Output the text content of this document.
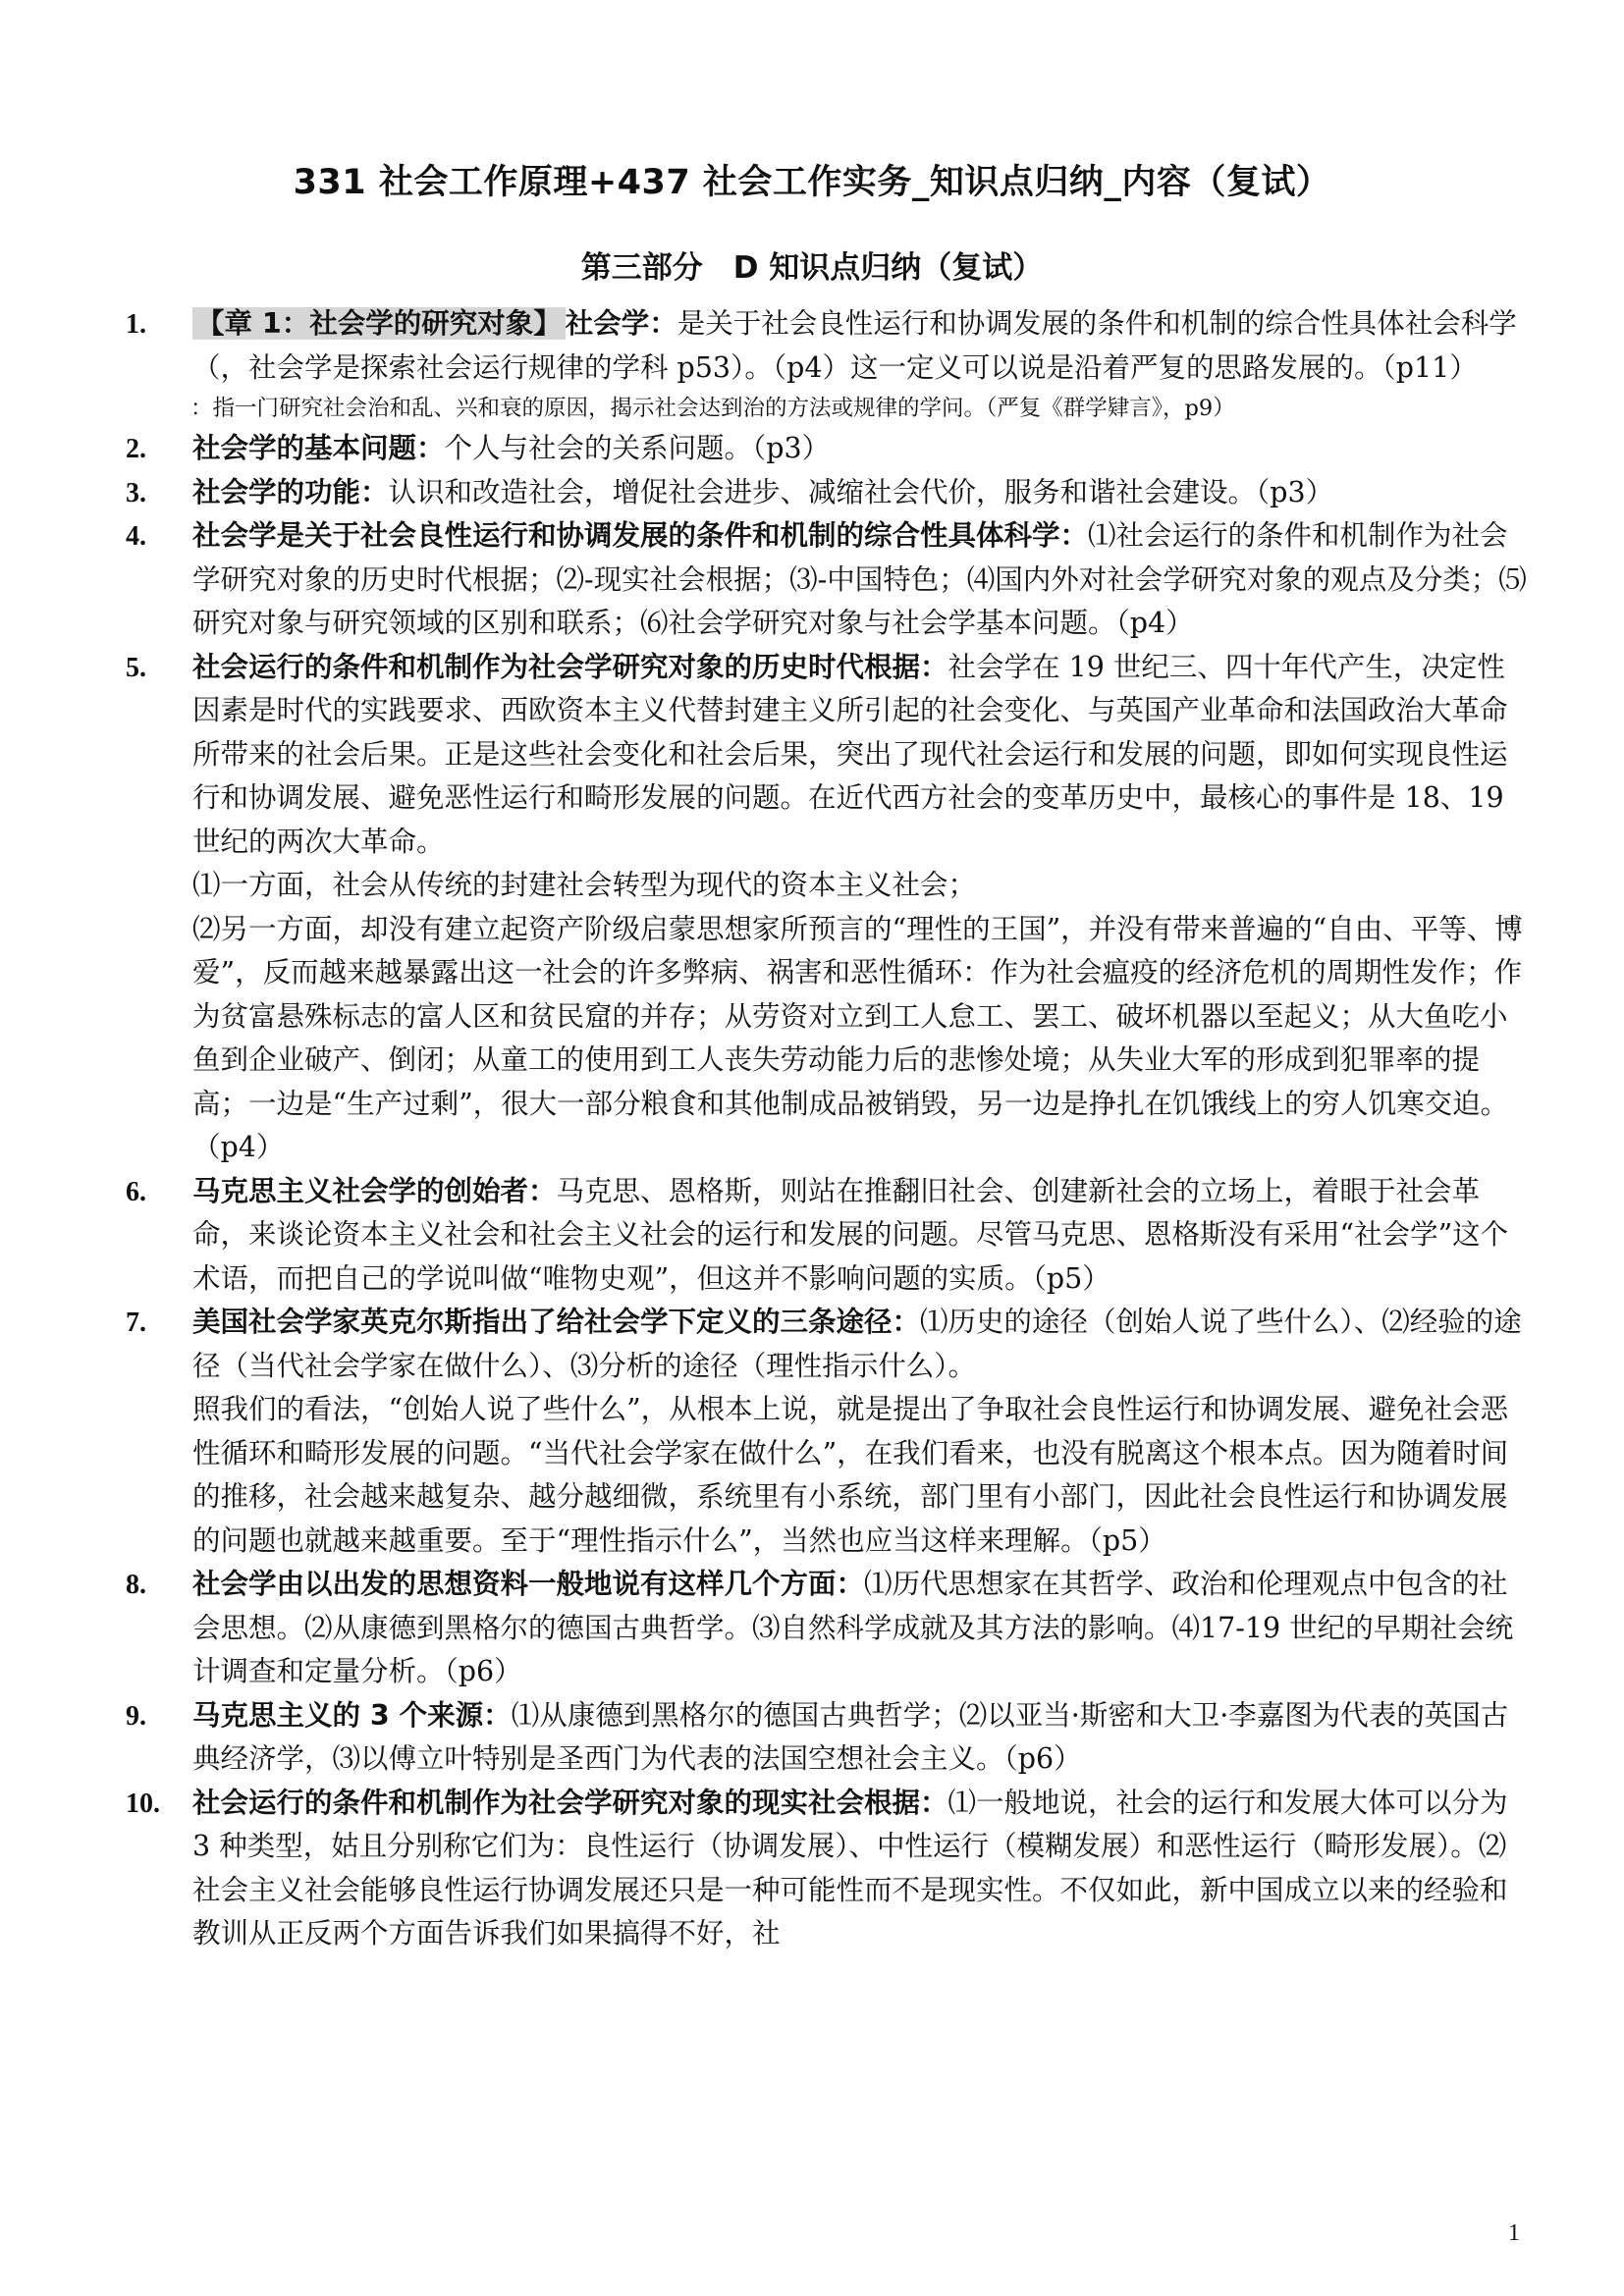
331 社会工作原理+437 社会工作实务_知识点归纳_内容（复试）
第三部分　D 知识点归纳（复试）
1. 【章 1：社会学的研究对象】 社会学：是关于社会良性运行和协调发展的条件和机制的综合性具体社会科学（，社会学是探索社会运行规律的学科 p53）。（p4）这一定义可以说是沿着严复的思路发展的。（p11）
：指一门研究社会治和乱、兴和衰的原因，揭示社会达到治的方法或规律的学问。（严复《群学肄言》，p9）
2. 社会学的基本问题：个人与社会的关系问题。（p3）
3. 社会学的功能：认识和改造社会，增促社会进步、减缩社会代价，服务和谐社会建设。（p3）
4. 社会学是关于社会良性运行和协调发展的条件和机制的综合性具体科学：⑴社会运行的条件和机制作为社会学研究对象的历史时代根据；⑵-现实社会根据；⑶-中国特色；⑷国内外对社会学研究对象的观点及分类；⑸研究对象与研究领域的区别和联系；⑹社会学研究对象与社会学基本问题。（p4）
5. 社会运行的条件和机制作为社会学研究对象的历史时代根据：社会学在 19 世纪三、四十年代产生，决定性因素是时代的实践要求、西欧资本主义代替封建主义所引起的社会变化、与英国产业革命和法国政治大革命所带来的社会后果。正是这些社会变化和社会后果，突出了现代社会运行和发展的问题，即如何实现良性运行和协调发展、避免恶性运行和畸形发展的问题。在近代西方社会的变革历史中，最核心的事件是 18、19 世纪的两次大革命。
⑴一方面，社会从传统的封建社会转型为现代的资本主义社会；
⑵另一方面，却没有建立起资产阶级启蒙思想家所预言的“理性的王国”，并没有带来普遍的“自由、平等、博爱”，反而越来越暴露出这一社会的许多弊病、祸害和恶性循环：作为社会瘟疫的经济危机的周期性发作；作为贫富悬殊标志的富人区和贫民窟的并存；从劳资对立到工人怠工、罢工、破坏机器以至起义；从大鱼吃小鱼到企业破产、倒闭；从童工的使用到工人丧失劳动能力后的悲惨处境；从失业大军的形成到犯罪率的提高；一边是“生产过剩”，很大一部分粮食和其他制成品被销毁，另一边是挣扎在饥饿线上的穷人饥寒交迫。（p4）
6. 马克思主义社会学的创始者：马克思、恩格斯，则站在推翻旧社会、创建新社会的立场上，着眼于社会革命，来谈论资本主义社会和社会主义社会的运行和发展的问题。尽管马克思、恩格斯没有采用“社会学”这个术语，而把自己的学说叫做“唯物史观”，但这并不影响问题的实质。（p5）
7. 美国社会学家英克尔斯指出了给社会学下定义的三条途径：⑴历史的途径（创始人说了些什么）、⑵经验的途径（当代社会学家在做什么）、⑶分析的途径（理性指示什么）。
照我们的看法，“创始人说了些什么”，从根本上说，就是提出了争取社会良性运行和协调发展、避免社会恶性循环和畸形发展的问题。“当代社会学家在做什么”，在我们看来，也没有脱离这个根本点。因为随着时间的推移，社会越来越复杂、越分越细微，系统里有小系统，部门里有小部门，因此社会良性运行和协调发展的问题也就越来越重要。至于“理性指示什么”，当然也应当这样来理解。（p5）
8. 社会学由以出发的思想资料一般地说有这样几个方面：⑴历代思想家在其哲学、政治和伦理观点中包含的社会思想。⑵从康德到黑格尔的德国古典哲学。⑶自然科学成就及其方法的影响。⑷17-19 世纪的早期社会统计调查和定量分析。（p6）
9. 马克思主义的 3 个来源：⑴从康德到黑格尔的德国古典哲学；⑵以亚当·斯密和大卫·李嘉图为代表的英国古典经济学，⑶以傅立叶特别是圣西门为代表的法国空想社会主义。（p6）
10. 社会运行的条件和机制作为社会学研究对象的现实社会根据：⑴一般地说，社会的运行和发展大体可以分为 3 种类型，姑且分别称它们为：良性运行（协调发展）、中性运行（模糊发展）和恶性运行（畸形发展）。⑵社会主义社会能够良性运行协调发展还只是一种可能性而不是现实性。不仅如此，新中国成立以来的经验和教训从正反两个方面告诉我们如果搞得不好，社
1
